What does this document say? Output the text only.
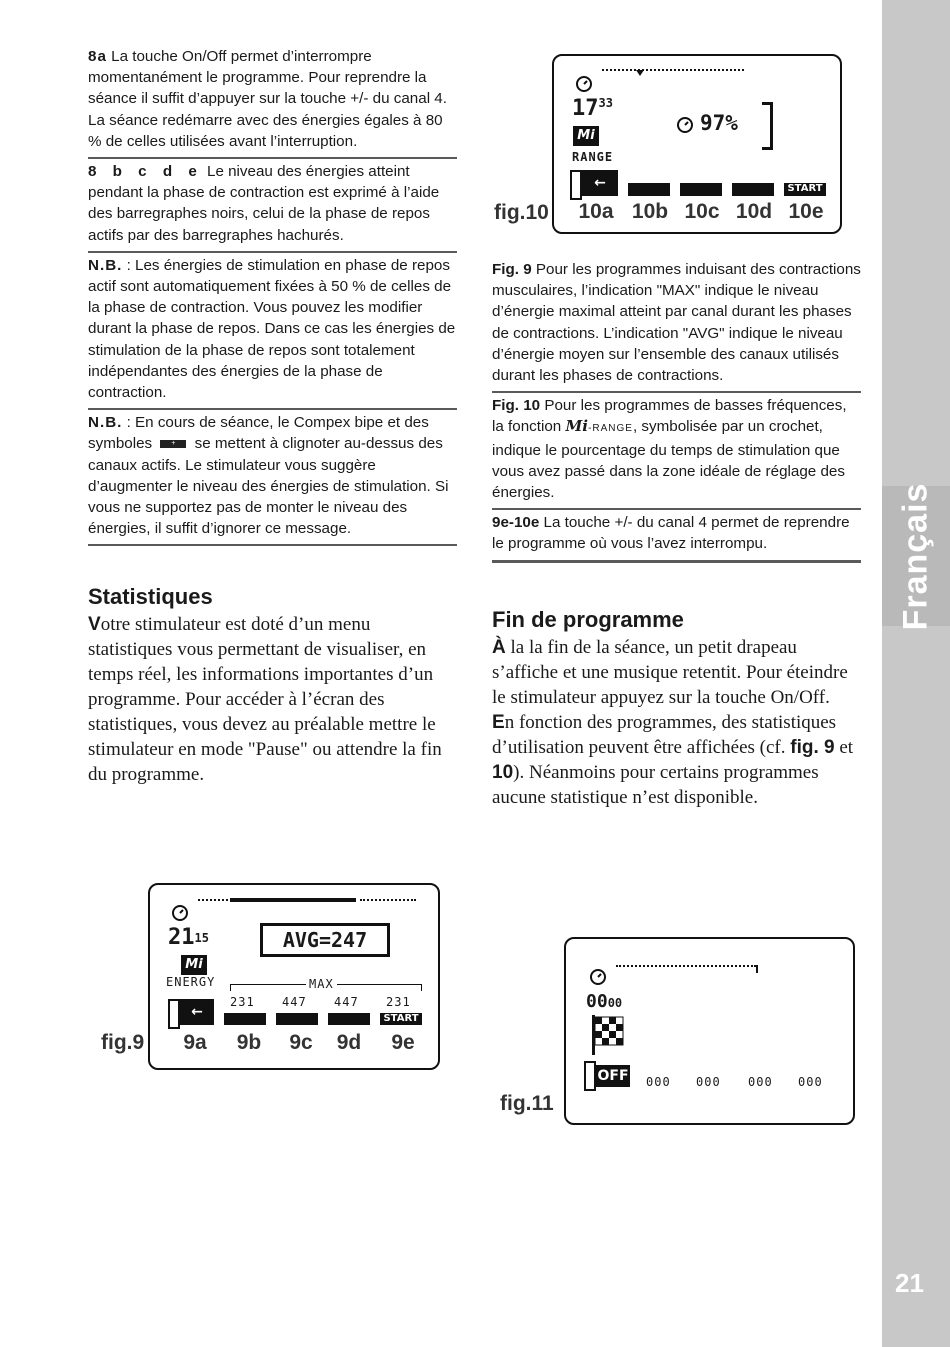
Français
21
8a La touche On/Off permet d’interrompre momentanément le programme. Pour reprendre la séance il suffit d’appuyer sur la touche +/- du canal 4. La séance redémarre avec des énergies égales à 80 % de celles utilisées avant l’interruption.
8 b c d e Le niveau des énergies atteint pendant la phase de contraction est exprimé à l’aide des barregraphes noirs, celui de la phase de repos actifs par des barregraphes hachurés.
N.B. : Les énergies de stimulation en phase de repos actif sont automatiquement fixées à 50 % de celles de la phase de contraction. Vous pouvez les modifier durant la phase de repos. Dans ce cas les énergies de stimulation de la phase de repos sont totalement indépendantes des énergies de la phase de contraction.
N.B. : En cours de séance, le Compex bipe et des symboles	+ se mettent à clignoter au-dessus des canaux actifs. Le stimulateur vous suggère d’augmenter le niveau des énergies de stimulation. Si vous ne supportez pas de monter le niveau des énergies, il suffit d’ignorer ce message.
Statistiques
Votre stimulateur est doté d’un menu statistiques vous permettant de visualiser, en temps réel, les informations importantes d’un programme. Pour accéder à l’écran des statistiques, vous devez au préalable mettre le stimulateur en mode "Pause" ou attendre la fin du programme.
Fig. 9 Pour les programmes induisant des contractions musculaires, l’indication "MAX" indique le niveau d’énergie maximal atteint par canal durant les phases de contractions. L’indication "AVG" indique le niveau d’énergie moyen sur l’ensemble des canaux utilisés durant les phases de contractions.
Fig. 10 Pour les programmes de basses fréquences, la fonction Mi-RANGE, symbolisée par un crochet, indique le pourcentage du temps de stimulation que vous avez passé dans la zone idéale de réglage des énergies.
9e-10e La touche +/- du canal 4 permet de reprendre le programme où vous l’avez interrompu.
Fin de programme
À la la fin de la séance, un petit drapeau s’affiche et une musique retentit. Pour éteindre le stimulateur appuyez sur la touche On/Off.
En fonction des programmes, des statistiques d’utilisation peuvent être affichées (cf. fig. 9 et 10). Néanmoins pour certains programmes aucune statistique n’est disponible.
fig.10
$17^{33}$
Mi
RANGE
97%
←	START
10a 10b 10c 10d 10e
fig.9
2115	AVG=247
Mi
ENERGY	MAX
231 447 447 231
←	START
9a	9b	9c	9d	9e
fig.11
0000
OFF 000 000 000 000
